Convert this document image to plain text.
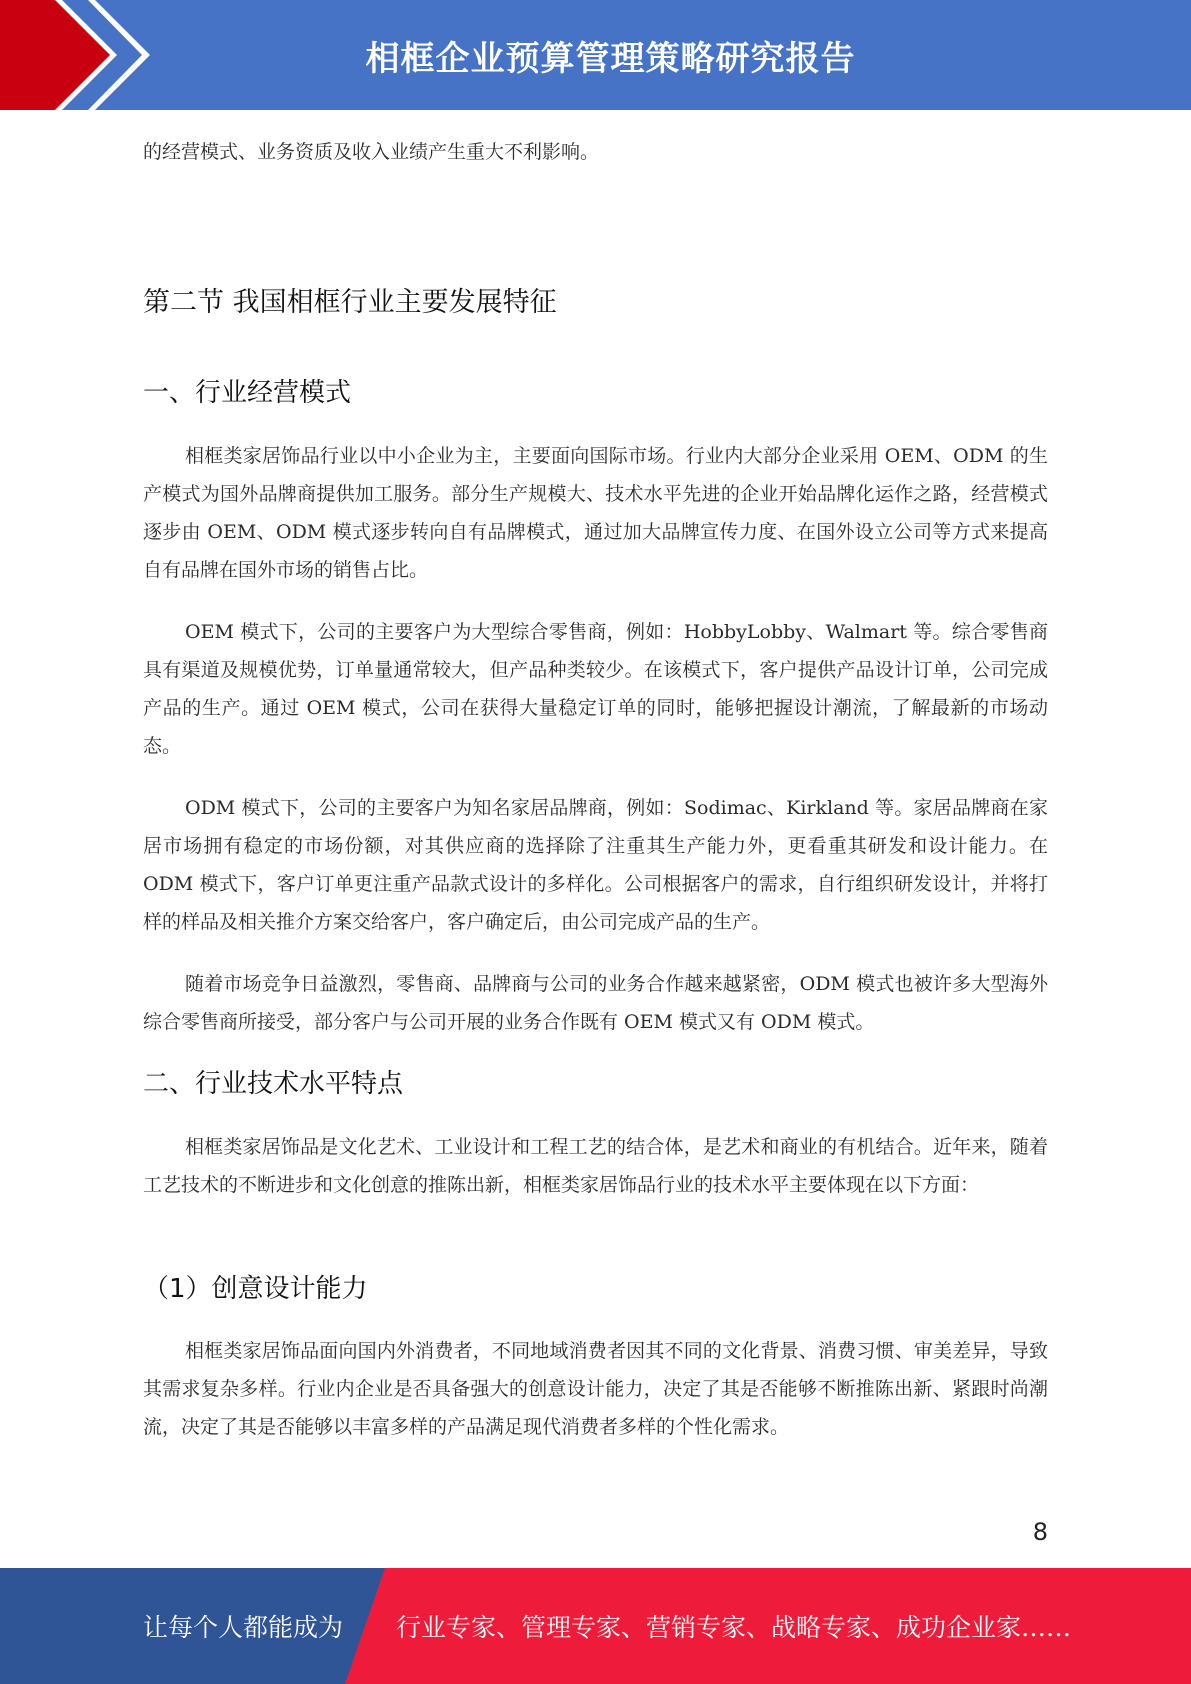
相框企业预算管理策略研究报告

的经营模式、业务资质及收入业绩产生重大不利影响。

第二节 我国相框行业主要发展特征
一、行业经营模式

相框类家居饰品行业以中小企业为主，主要面向国际市场。行业内大部分企业采用 OEM、ODM 的生产模式为国外品牌商提供加工服务。部分生产规模大、技术水平先进的企业开始品牌化运作之路，经营模式逐步由 OEM、ODM 模式逐步转向自有品牌模式，通过加大品牌宣传力度、在国外设立公司等方式来提高自有品牌在国外市场的销售占比。

OEM 模式下，公司的主要客户为大型综合零售商，例如：HobbyLobby、Walmart 等。综合零售商具有渠道及规模优势，订单量通常较大，但产品种类较少。在该模式下，客户提供产品设计订单，公司完成产品的生产。通过 OEM 模式，公司在获得大量稳定订单的同时，能够把握设计潮流，了解最新的市场动态。

ODM 模式下，公司的主要客户为知名家居品牌商，例如：Sodimac、Kirkland 等。家居品牌商在家居市场拥有稳定的市场份额，对其供应商的选择除了注重其生产能力外，更看重其研发和设计能力。在 ODM 模式下，客户订单更注重产品款式设计的多样化。公司根据客户的需求，自行组织研发设计，并将打样的样品及相关推介方案交给客户，客户确定后，由公司完成产品的生产。

随着市场竞争日益激烈，零售商、品牌商与公司的业务合作越来越紧密，ODM 模式也被许多大型海外综合零售商所接受，部分客户与公司开展的业务合作既有 OEM 模式又有 ODM 模式。

二、行业技术水平特点

相框类家居饰品是文化艺术、工业设计和工程工艺的结合体，是艺术和商业的有机结合。近年来，随着工艺技术的不断进步和文化创意的推陈出新，相框类家居饰品行业的技术水平主要体现在以下方面：

（1）创意设计能力

相框类家居饰品面向国内外消费者，不同地域消费者因其不同的文化背景、消费习惯、审美差异，导致其需求复杂多样。行业内企业是否具备强大的创意设计能力，决定了其是否能够不断推陈出新、紧跟时尚潮流，决定了其是否能够以丰富多样的产品满足现代消费者多样的个性化需求。

8
让每个人都能成为 行业专家、管理专家、营销专家、战略专家、成功企业家……
